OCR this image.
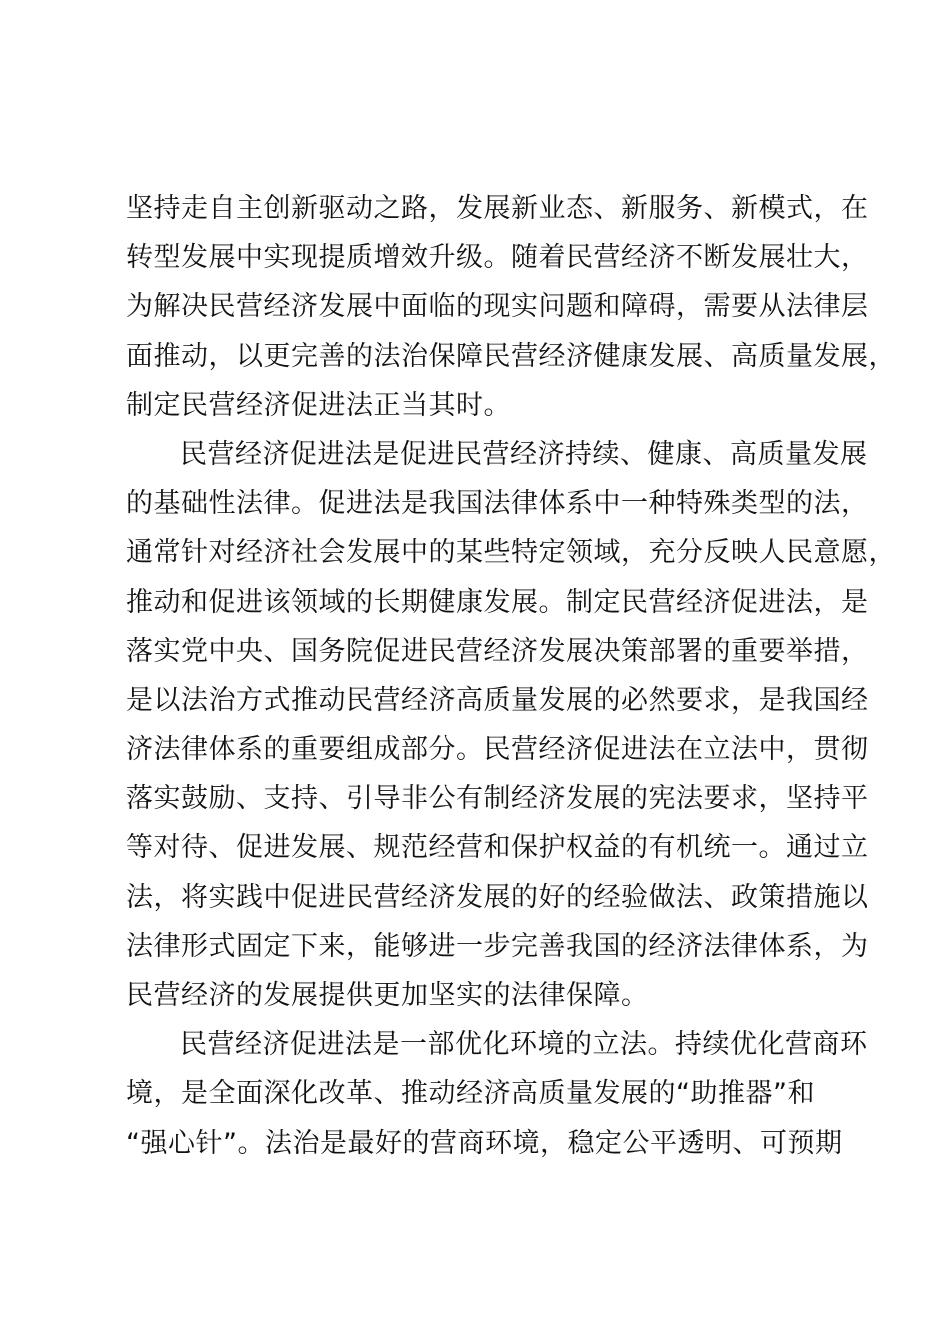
坚持走自主创新驱动之路，发展新业态、新服务、新模式，在
转型发展中实现提质增效升级。随着民营经济不断发展壮大，
为解决民营经济发展中面临的现实问题和障碍，需要从法律层
面推动，以更完善的法治保障民营经济健康发展、高质量发展，
制定民营经济促进法正当其时。
民营经济促进法是促进民营经济持续、健康、高质量发展
的基础性法律。促进法是我国法律体系中一种特殊类型的法，
通常针对经济社会发展中的某些特定领域，充分反映人民意愿，
推动和促进该领域的长期健康发展。制定民营经济促进法，是
落实党中央、国务院促进民营经济发展决策部署的重要举措，
是以法治方式推动民营经济高质量发展的必然要求，是我国经
济法律体系的重要组成部分。民营经济促进法在立法中，贯彻
落实鼓励、支持、引导非公有制经济发展的宪法要求，坚持平
等对待、促进发展、规范经营和保护权益的有机统一。通过立
法，将实践中促进民营经济发展的好的经验做法、政策措施以
法律形式固定下来，能够进一步完善我国的经济法律体系，为
民营经济的发展提供更加坚实的法律保障。
民营经济促进法是一部优化环境的立法。持续优化营商环
境，是全面深化改革、推动经济高质量发展的“助推器”和
“强心针”。法治是最好的营商环境，稳定公平透明、可预期
